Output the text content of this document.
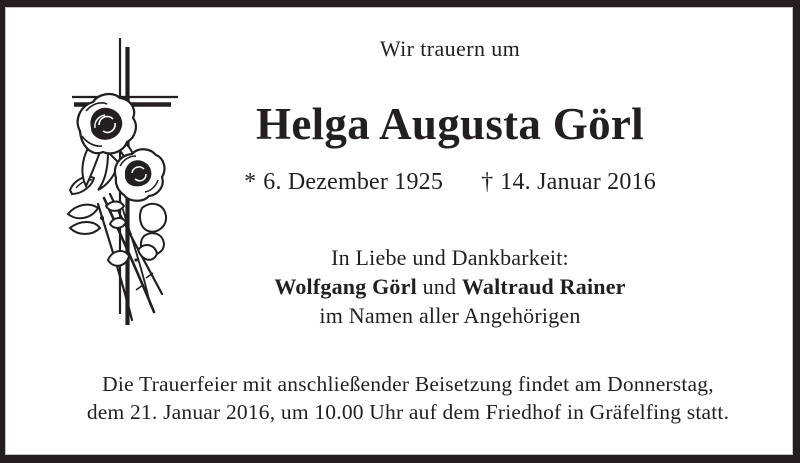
Wir trauern um
Helga Augusta Görl
* 6. Dezember 1925 † 14. Januar 2016
In Liebe und Dankbarkeit:
Wolfgang Görl und Waltraud Rainer
im Namen aller Angehörigen
Die Trauerfeier mit anschließender Beisetzung findet am Donnerstag,
dem 21. Januar 2016, um 10.00 Uhr auf dem Friedhof in Gräfelfing statt.
